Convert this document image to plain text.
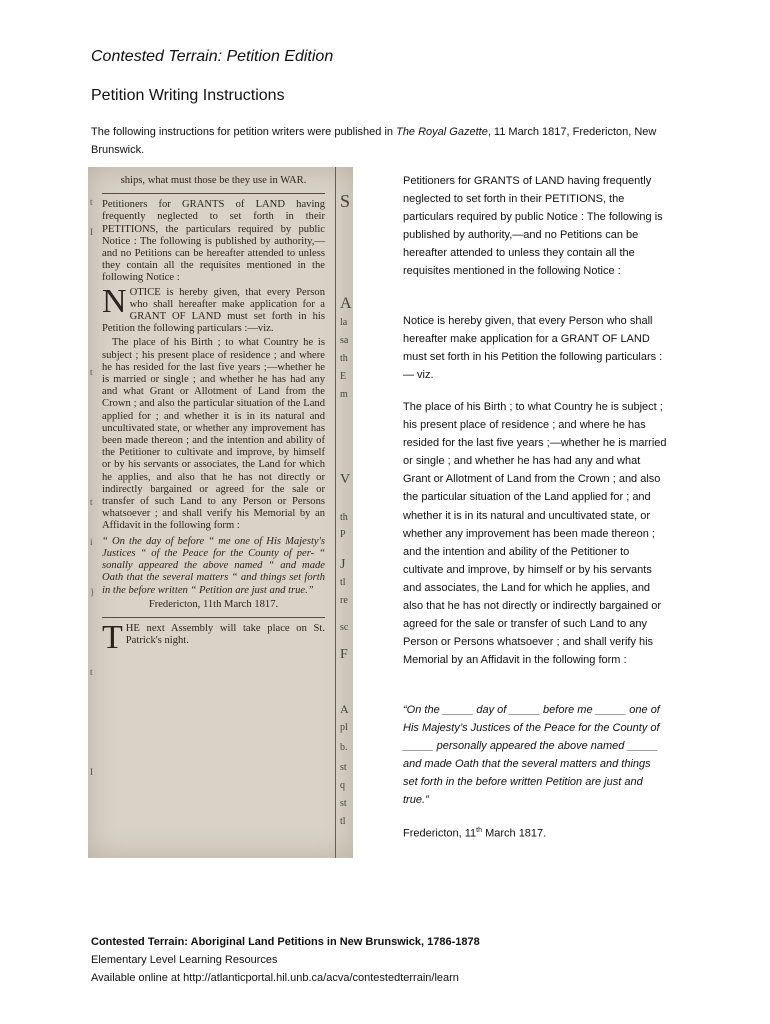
Contested Terrain: Petition Edition
Petition Writing Instructions
The following instructions for petition writers were published in The Royal Gazette, 11 March 1817, Fredericton, New Brunswick.
t
I
t
t
i
}
t
I

ships, what must those be they use in WAR.

Petitioners for GRANTS of LAND having frequently neglected to set forth in their PETITIONS, the particulars required by public Notice : The following is published by authority,—and no Petitions can be hereafter attended to unless they contain all the requisites mentioned in the following Notice :

NOTICE is hereby given, that every Person who shall hereafter make application for a GRANT OF LAND must set forth in his Petition the following particulars :—viz.

The place of his Birth ; to what Country he is subject ; his present place of residence ; and where he has resided for the last five years ;—whether he is married or single ; and whether he has had any and what Grant or Allotment of Land from the Crown ; and also the particular situation of the Land applied for ; and whether it is in its natural and uncultivated state, or whether any improvement has been made thereon ; and the intention and ability of the Petitioner to cultivate and improve, by himself or by his servants or associates, the Land for which he applies, and also that he has not directly or indirectly bargained or agreed for the sale or transfer of such Land to any Person or Persons whatsoever ; and shall verify his Memorial by an Affidavit in the following form :

“ On the day of before “ me one of His Majesty's Justices “ of the Peace for the County of per- “ sonally appeared the above named “ and made Oath that the several matters “ and things set forth in the before written “ Petition are just and true.”

Fredericton, 11th March 1817.

THE next Assembly will take place on St. Patrick's night.

S
A
la
sa
th
E
m
V
th
P
J
tl
re
sc
F
A
pl
b.
st
q
st
tl
Petitioners for GRANTS of LAND having frequently neglected to set forth in their PETITIONS, the particulars required by public Notice : The following is published by authority,—and no Petitions can be hereafter attended to unless they contain all the requisites mentioned in the following Notice :
Notice is hereby given, that every Person who shall hereafter make application for a GRANT OF LAND must set forth in his Petition the following particulars :— viz.
The place of his Birth ; to what Country he is subject ; his present place of residence ; and where he has resided for the last five years ;—whether he is married or single ; and whether he has had any and what Grant or Allotment of Land from the Crown ; and also the particular situation of the Land applied for ; and whether it is in its natural and uncultivated state, or whether any improvement has been made thereon ; and the intention and ability of the Petitioner to cultivate and improve, by himself or by his servants and associates, the Land for which he applies, and also that he has not directly or indirectly bargained or agreed for the sale or transfer of such Land to any Person or Persons whatsoever ; and shall verify his Memorial by an Affidavit in the following form :
“On the _____ day of _____ before me _____ one of His Majesty’s Justices of the Peace for the County of _____ personally appeared the above named _____ and made Oath that the several matters and things set forth in the before written Petition are just and true.”
Fredericton, 11th March 1817.
Contested Terrain: Aboriginal Land Petitions in New Brunswick, 1786-1878
Elementary Level Learning Resources
Available online at http://atlanticportal.hil.unb.ca/acva/contestedterrain/learn
